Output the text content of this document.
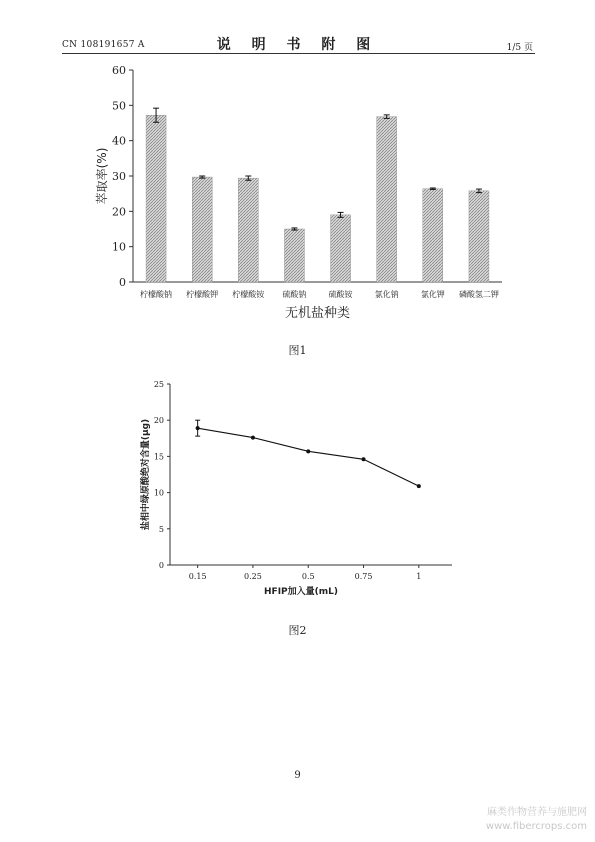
CN 108191657 A	说 明 书 附 图	1/5 页
0
10
20
30
40
50
60
柠檬酸钠 柠檬酸钾 柠檬酸铵 硫酸钠	硫酸铵	氯化钠	氯化钾 磷酸氢二钾
无机盐种类
萃取率(%)
图1
0
5
10
15
20
25
0.15	0.25	0.5	0.75	1
HFIP加入量(mL)
盐相中绿原酸绝对含量(μg)
图2
9
麻类作物营养与施肥网
www.fibercrops.com
